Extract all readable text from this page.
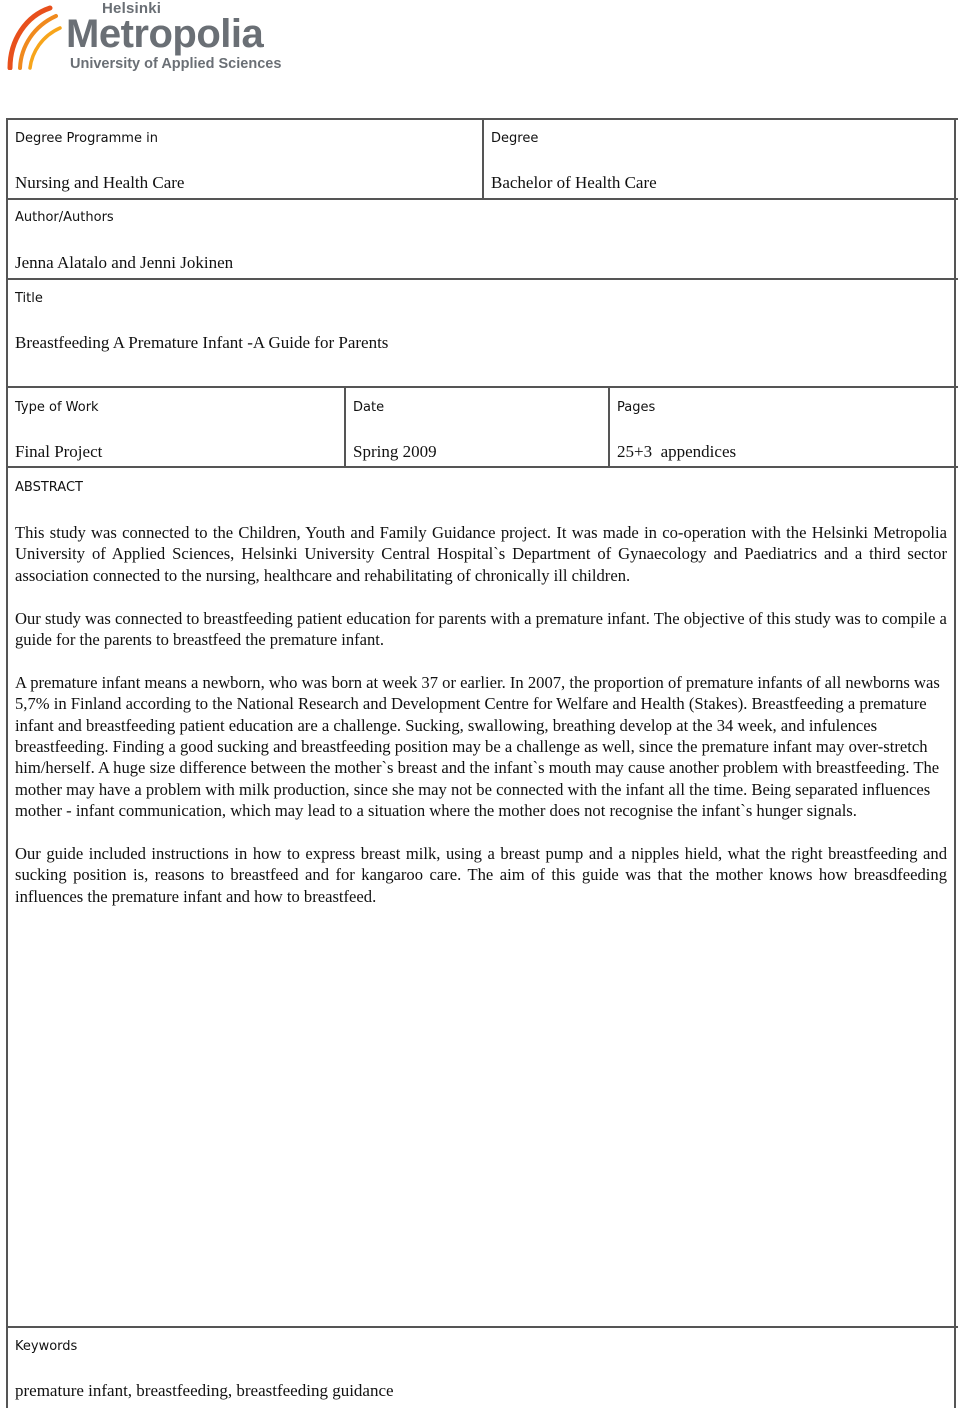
Helsinki
Metropolia
University of Applied Sciences
Degree Programme in
Nursing and Health Care
Degree
Bachelor of Health Care
Author/Authors
Jenna Alatalo and Jenni Jokinen
Title
Breastfeeding A Premature Infant -A Guide for Parents
Type of Work
Final Project
Date
Spring 2009
Pages
25+3  appendices
ABSTRACT

This study was connected to the Children, Youth and Family Guidance project. It was made in co-operation with the Helsinki Metropolia University of Applied Sciences, Helsinki University Central Hospital`s Department of Gynaecology and Paediatrics and a third sector association connected to the nursing, healthcare and rehabilitating of chronically ill children.

Our study was connected to breastfeeding patient education for parents with a premature infant. The objective of this study was to compile a guide for the parents to breastfeed the premature infant.

A premature infant means a newborn, who was born at week 37 or earlier. In 2007, the proportion of premature infants of all newborns was 5,7% in Finland according to the National Research and Development Centre for Welfare and Health (Stakes). Breastfeeding a premature infant and breastfeeding patient education are a challenge. Sucking, swallowing, breathing develop at the 34 week, and infulences breastfeeding. Finding a good sucking and breastfeeding position may be a challenge as well, since the premature infant may over-stretch him/herself. A huge size difference between the mother`s breast and the infant`s mouth may cause another problem with breastfeeding. The mother may have a problem with milk production, since she may not be connected with the infant all the time. Being separated influences mother - infant communication, which may lead to a situation where the mother does not recognise the infant`s hunger signals.

Our guide included instructions in how to express breast milk, using a breast pump and a nipples hield, what the right breastfeeding and sucking position is, reasons to breastfeed and for kangaroo care. The aim of this guide was that the mother knows how breasdfeeding influences the premature infant and how to breastfeed.

Keywords
premature infant, breastfeeding, breastfeeding guidance
